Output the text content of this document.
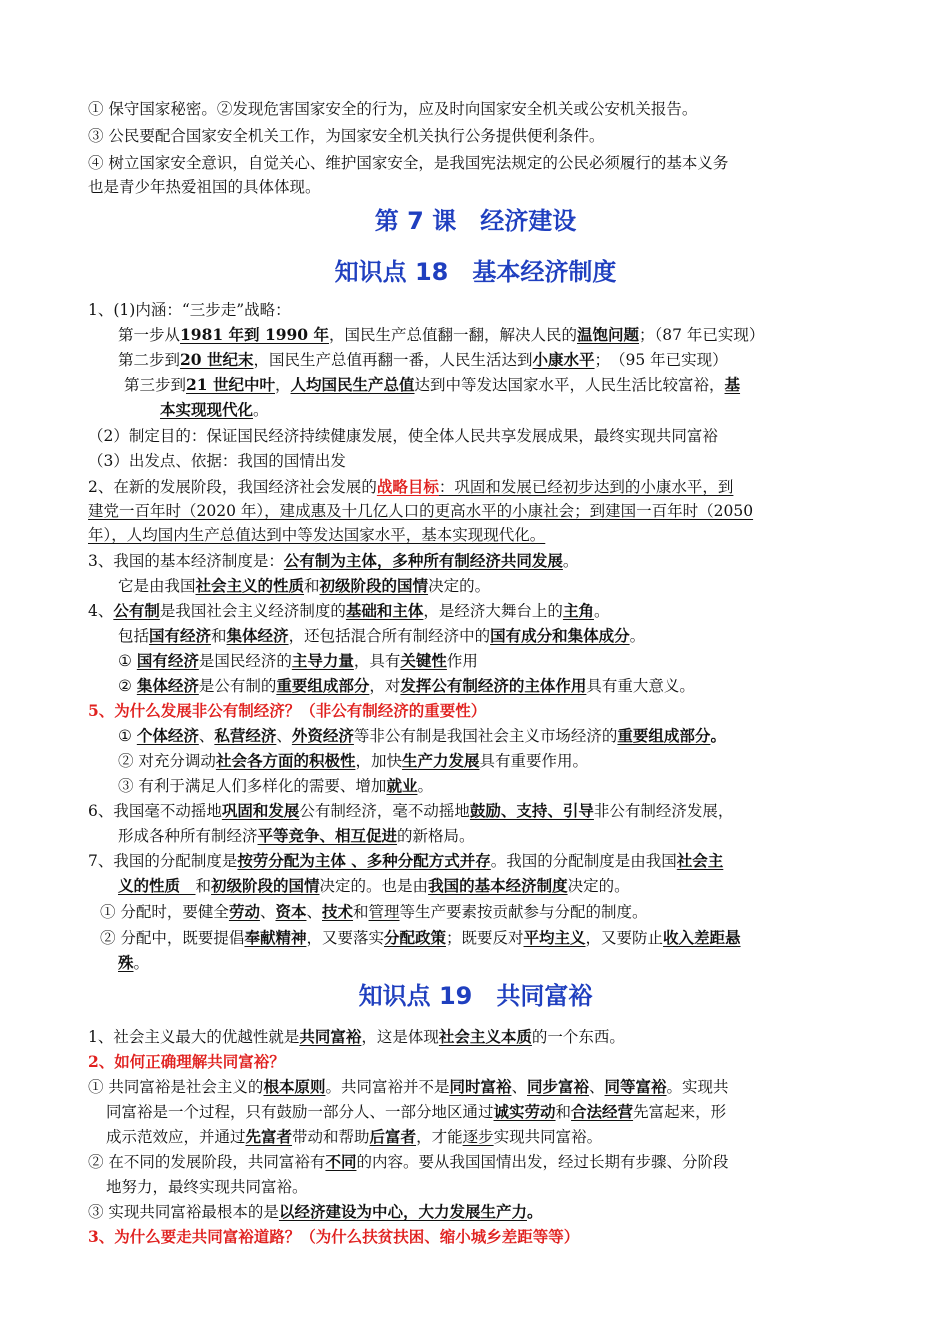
① 保守国家秘密。②发现危害国家安全的行为，应及时向国家安全机关或公安机关报告。
③ 公民要配合国家安全机关工作，为国家安全机关执行公务提供便利条件。
④ 树立国家安全意识，自觉关心、维护国家安全，是我国宪法规定的公民必须履行的基本义务
也是青少年热爱祖国的具体体现。
第 7 课　经济建设
知识点 18　基本经济制度
1、(1)内涵：“三步走”战略：
第一步从1981 年到 1990 年，国民生产总值翻一翻，解决人民的温饱问题；（87 年已实现）
第二步到20 世纪末，国民生产总值再翻一番，人民生活达到小康水平；　（95 年已实现）
第三步到21 世纪中叶，人均国民生产总值达到中等发达国家水平，人民生活比较富裕，基
本实现现代化。
（2）制定目的：保证国民经济持续健康发展，使全体人民共享发展成果，最终实现共同富裕
（3）出发点、依据：我国的国情出发
2、在新的发展阶段，我国经济社会发展的战略目标：巩固和发展已经初步达到的小康水平，到
建党一百年时（2020 年），建成惠及十几亿人口的更高水平的小康社会；到建国一百年时（2050
年），人均国内生产总值达到中等发达国家水平，基本实现现代化。
3、我国的基本经济制度是：公有制为主体，多种所有制经济共同发展。
它是由我国社会主义的性质和初级阶段的国情决定的。
4、公有制是我国社会主义经济制度的基础和主体，是经济大舞台上的主角。
包括国有经济和集体经济，还包括混合所有制经济中的国有成分和集体成分。
① 国有经济是国民经济的主导力量，具有关键性作用
② 集体经济是公有制的重要组成部分，对发挥公有制经济的主体作用具有重大意义。
5、为什么发展非公有制经济？（非公有制经济的重要性）
① 个体经济、私营经济、外资经济等非公有制是我国社会主义市场经济的重要组成部分。
② 对充分调动社会各方面的积极性，加快生产力发展具有重要作用。
③ 有利于满足人们多样化的需要、增加就业。
6、我国毫不动摇地巩固和发展公有制经济，毫不动摇地鼓励、支持、引导非公有制经济发展，
形成各种所有制经济平等竞争、相互促进的新格局。
7、我国的分配制度是按劳分配为主体 、多种分配方式并存。我国的分配制度是由我国社会主
义的性质　和初级阶段的国情决定的。也是由我国的基本经济制度决定的。
① 分配时，要健全劳动、资本、技术和管理等生产要素按贡献参与分配的制度。
② 分配中，既要提倡奉献精神，又要落实分配政策；既要反对平均主义，又要防止收入差距悬
殊。
知识点 19　共同富裕
1、社会主义最大的优越性就是共同富裕，这是体现社会主义本质的一个东西。
2、如何正确理解共同富裕？
① 共同富裕是社会主义的根本原则。共同富裕并不是同时富裕、同步富裕、同等富裕。实现共
同富裕是一个过程，只有鼓励一部分人、一部分地区通过诚实劳动和合法经营先富起来，形
成示范效应，并通过先富者带动和帮助后富者，才能逐步实现共同富裕。
② 在不同的发展阶段，共同富裕有不同的内容。要从我国国情出发，经过长期有步骤、分阶段
地努力，最终实现共同富裕。
③ 实现共同富裕最根本的是以经济建设为中心，大力发展生产力。
3、为什么要走共同富裕道路？（为什么扶贫扶困、缩小城乡差距等等）
